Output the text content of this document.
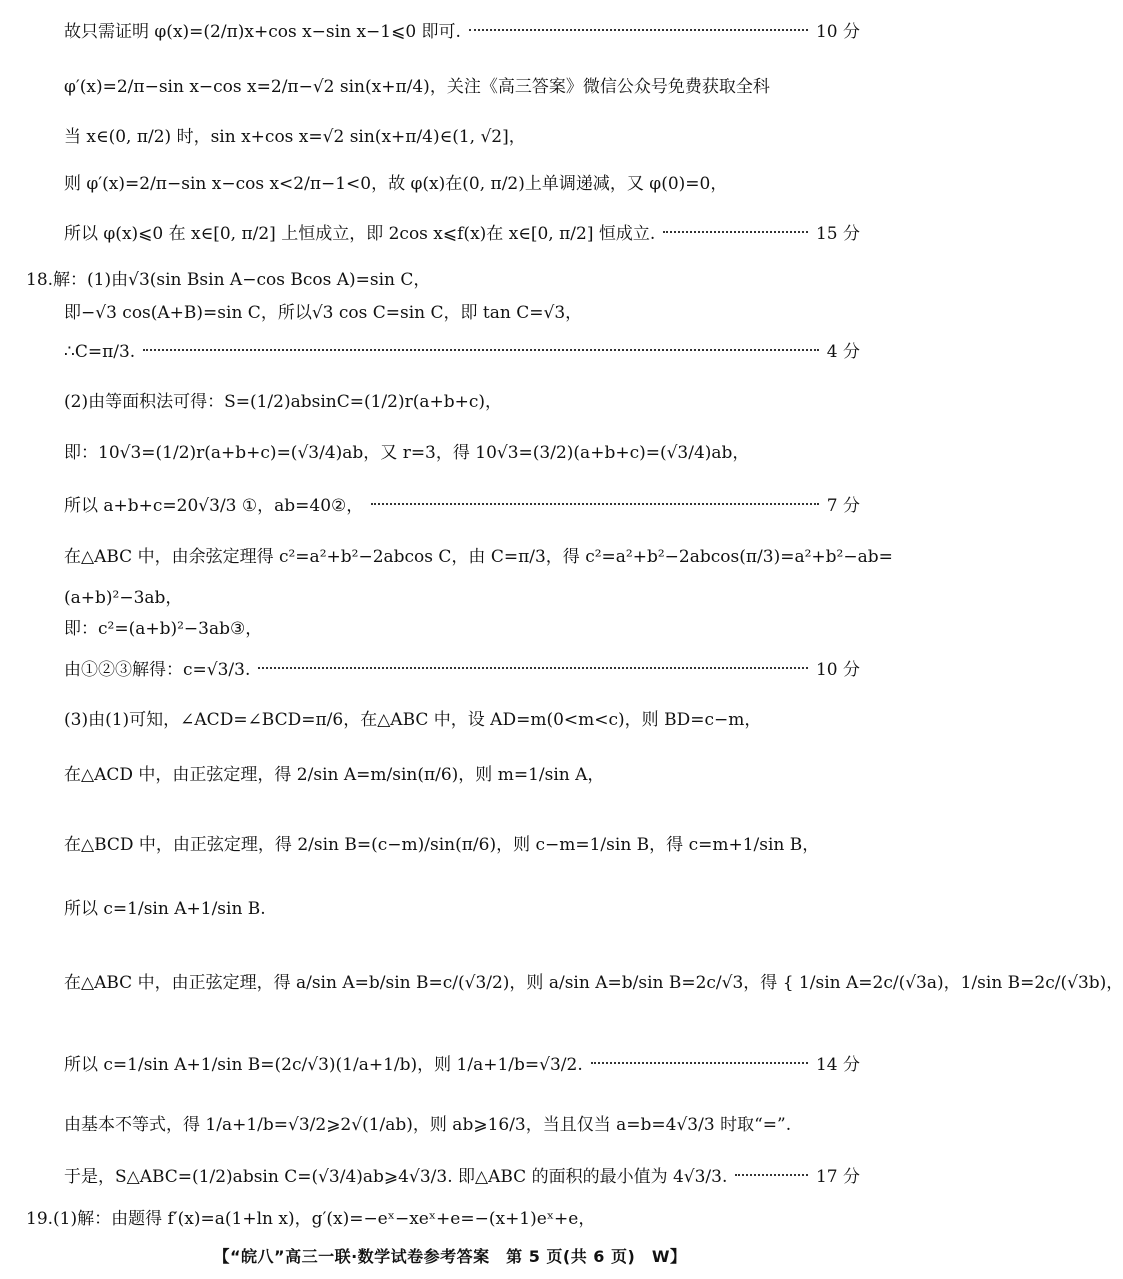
故只需证明 φ(x)=(2/π)x+cos x−sin x−1⩽0 即可.	10 分
φ′(x)=2/π−sin x−cos x=2/π−√2 sin(x+π/4)，关注《高三答案》微信公众号免费获取全科
当 x∈(0, π/2) 时，sin x+cos x=√2 sin(x+π/4)∈(1, √2]，
则 φ′(x)=2/π−sin x−cos x<2/π−1<0，故 φ(x)在(0, π/2)上单调递减，又 φ(0)=0，
所以 φ(x)⩽0 在 x∈[0, π/2] 上恒成立，即 2cos x⩽f(x)在 x∈[0, π/2] 恒成立.	15 分
18.解：(1)由√3(sin Bsin A−cos Bcos A)=sin C，
即−√3 cos(A+B)=sin C，所以√3 cos C=sin C，即 tan C=√3，
∴C=π/3.	4 分
(2)由等面积法可得：S=(1/2)absinC=(1/2)r(a+b+c)，
即：10√3=(1/2)r(a+b+c)=(√3/4)ab，又 r=3，得 10√3=(3/2)(a+b+c)=(√3/4)ab，
所以 a+b+c=20√3/3 ①，ab=40②，	7 分
在△ABC 中，由余弦定理得 c²=a²+b²−2abcos C，由 C=π/3，得 c²=a²+b²−2abcos(π/3)=a²+b²−ab=
(a+b)²−3ab，
即：c²=(a+b)²−3ab③，
由①②③解得：c=√3/3.	10 分
(3)由(1)可知，∠ACD=∠BCD=π/6，在△ABC 中，设 AD=m(0<m<c)，则 BD=c−m，
在△ACD 中，由正弦定理，得 2/sin A=m/sin(π/6)，则 m=1/sin A，
在△BCD 中，由正弦定理，得 2/sin B=(c−m)/sin(π/6)，则 c−m=1/sin B，得 c=m+1/sin B，
所以 c=1/sin A+1/sin B.
在△ABC 中，由正弦定理，得 a/sin A=b/sin B=c/(√3/2)，则 a/sin A=b/sin B=2c/√3，得 { 1/sin A=2c/(√3a)，1/sin B=2c/(√3b)，
所以 c=1/sin A+1/sin B=(2c/√3)(1/a+1/b)，则 1/a+1/b=√3/2.	14 分
由基本不等式，得 1/a+1/b=√3/2⩾2√(1/ab)，则 ab⩾16/3，当且仅当 a=b=4√3/3 时取“=”.
于是，S△ABC=(1/2)absin C=(√3/4)ab⩾4√3/3. 即△ABC 的面积的最小值为 4√3/3.	17 分
19.(1)解：由题得 f′(x)=a(1+ln x)，g′(x)=−eˣ−xeˣ+e=−(x+1)eˣ+e，
【“皖八”高三一联·数学试卷参考答案　第 5 页(共 6 页)　W】
